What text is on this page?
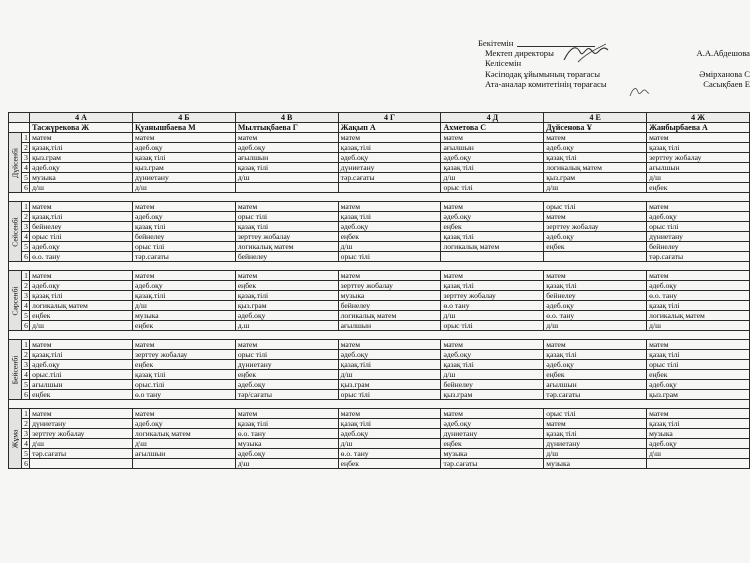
Бекітемін
Мектеп директоры	А.А.Абдешова
Келісемін
Кәсіподақ ұйымының төрағасы	Әмірханова С
Ата-аналар комитетінің төрағасы	Сасықбаев Е
		4 А	4 Б	4 В	4 Г	4 Д	4 Е	4 Ж
		Тасжүрекова Ж	Қуанышбаева М	Мылтықбаева Г	Жақып А	Ахметова С	Дүйсенова Ұ	Жанбырбаева А

Дүйсенбі	1	матем	матем	матем	матем	матем	матем	матем
	2	қазақ.тілі	әдеб.оқу	әдеб.оқу	қазақ.тілі	ағылшын	әдеб.оқу	қазақ тілі
	3	қыз.грам	қазақ тілі	ағылшын	әдеб.оқу	әдеб.оқу	қазақ тілі	зерттеу жобалау
	4	әдеб.оқу	қыз.грам	қазақ тілі	дүниетану	қазақ тілі	логикалық матем	ағылшын
	5	музыка	дүниетану	д/ш	тәр.сағаты	д/ш	қыз.грам	д/ш
	6	д/ш	д/ш			орыс тілі	д/ш	еңбек

Сейсенбі	1	матем	матем	матем	матем	матем	орыс тілі	матем
	2	қазақ.тілі	әдеб.оқу	орыс тілі	қазақ тілі	әдеб.оқу	матем	әдеб.оқу
	3	бейнелеу	қазақ тілі	қазақ тілі	әдеб.оқу	еңбек	зерттеу жобалау	орыс тілі
	4	орыс тілі	бейнелеу	зерттеу жобалау	еңбек	қазақ тілі	әдеб.оқу	дүниетану
	5	әдеб.оқу	орыс тілі	логикалық матем	д/ш	логикалық матем	еңбек	бейнелеу
	6	ө.о. тану	тәр.сағаты	бейнелеу	орыс тілі			тәр.сағаты

Сәрсенбі	1	матем	матем	матем	матем	матем	матем	матем
	2	әдеб.оқу	әдеб.оқу	еңбек	зерттеу жобалау	қазақ тілі	қазақ тілі	әдеб.оқу
	3	қазақ тілі	қазақ.тілі	қазақ.тілі	музыка	зерттеу жобалау	бейнелеу	ө.о. тану
	4	логикалық матем	д/ш	қыз.грам	бейнелеу	ө.о тану	әдеб.оқу	қазақ тілі
	5	еңбек	музыка	әдеб.оқу	логикалық матем	д/ш	ө.о. тану	логикалық матем
	6	д/ш	еңбек	д.ш	ағылшын	орыс тілі	д/ш	д/ш

Бейсенбі	1	матем	матем	матем	матем	матем	матем	матем
	2	қазақ.тілі	зерттеу жобалау	орыс тілі	әдеб.оқу	әдеб.оқу	қазақ тілі	қазақ тілі
	3	әдеб.оқу	еңбек	дүниетану	қазақ.тілі	қазақ тілі	әдеб.оқу	орыс тілі
	4	орыс.тілі	қазақ тілі	еңбек	д/ш	д/ш	еңбек	еңбек
	5	ағылшын	орыс.тілі	әдеб.оқу	қыз.грам	бейнелеу	ағылшын	әдеб.оқу
	6	еңбек	ө.о тану	тәр/сағаты	орыс тілі	қыз.грам	тәр.сағаты	қыз.грам

Жұма	1	матем	матем	матем	матем	матем	орыс тілі	матем
	2	дүниетану	әдеб.оқу	қазақ тілі	қазақ тілі	әдеб.оқу	матем	қазақ тілі
	3	зерттеу жобалау	логикалық матем	ө.о. тану	әдеб.оқу	дүниетану	қазақ тілі	музыка
	4	д\ш	д\ш	музыка	д/ш	еңбек	дүниетану	әдеб.оқу
	5	тәр.сағаты	ағылшын	әдеб.оқу	ө.о. тану	музыка	д/ш	д\ш
	6			д\ш	еңбек	тәр.сағаты	музыка	
